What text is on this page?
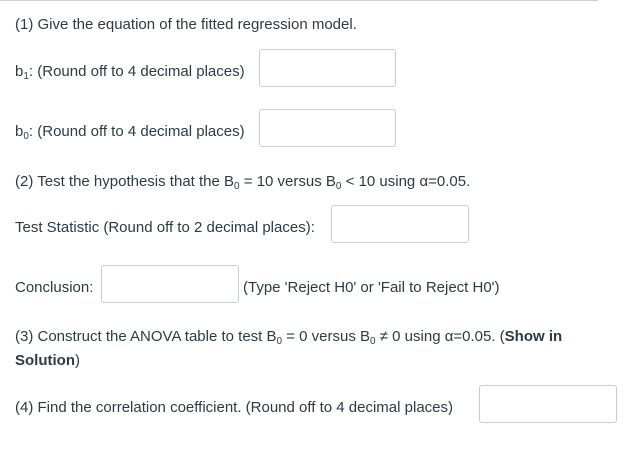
(1) Give the equation of the fitted regression model.
$b_1$: (Round off to 4 decimal places)
$b_0$: (Round off to 4 decimal places)
(2) Test the hypothesis that the $B_0 = 10$ versus $B_0 < 10$ using α=0.05.
Test Statistic (Round off to 2 decimal places):
Conclusion:	(Type 'Reject H0' or 'Fail to Reject H0')
(3) Construct the ANOVA table to test $B_0 = 0$ versus $B_0 \ne 0$ using α=0.05. (Show in
Solution)
(4) Find the correlation coefficient. (Round off to 4 decimal places)
